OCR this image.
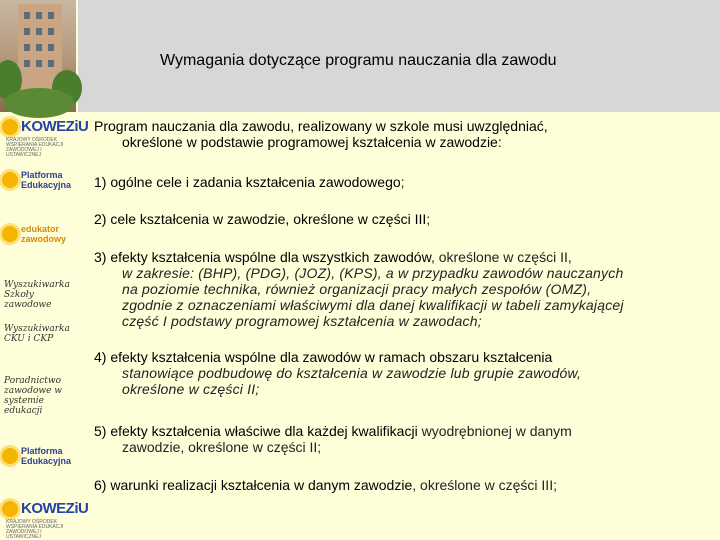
Wymagania dotyczące programu nauczania dla zawodu
KOWEZiU
KRAJOWY OŚRODEK WSPIERANIA EDUKACJI ZAWODOWEJ I USTAWICZNEJ
Platforma Edukacyjna
edukator zawodowy
Wyszukiwarka Szkoły zawodowe
Wyszukiwarka CKU i CKP
Poradnictwo zawodowe w systemie edukacji
Platforma Edukacyjna
KOWEZiU
KRAJOWY OŚRODEK WSPIERANIA EDUKACJI ZAWODOWEJ I USTAWICZNEJ
Program nauczania dla zawodu, realizowany w szkole musi uwzględniać,
określone w podstawie programowej kształcenia w zawodzie:
1) ogólne cele i zadania kształcenia zawodowego;
2) cele kształcenia w zawodzie, określone w części III;
3) efekty kształcenia wspólne dla wszystkich zawodów, określone w części II,
w zakresie: (BHP), (PDG), (JOZ), (KPS), a w przypadku zawodów nauczanych
na poziomie technika, również organizacji pracy małych zespołów (OMZ),
zgodnie z oznaczeniami właściwymi dla danej kwalifikacji w tabeli zamykającej
część I podstawy programowej kształcenia w zawodach;
4) efekty kształcenia wspólne dla zawodów w ramach obszaru kształcenia
stanowiące podbudowę do kształcenia w zawodzie lub grupie zawodów,
określone w części II;
5) efekty kształcenia właściwe dla każdej kwalifikacji wyodrębnionej w danym
zawodzie, określone w części II;
6) warunki realizacji kształcenia w danym zawodzie, określone w części III;
